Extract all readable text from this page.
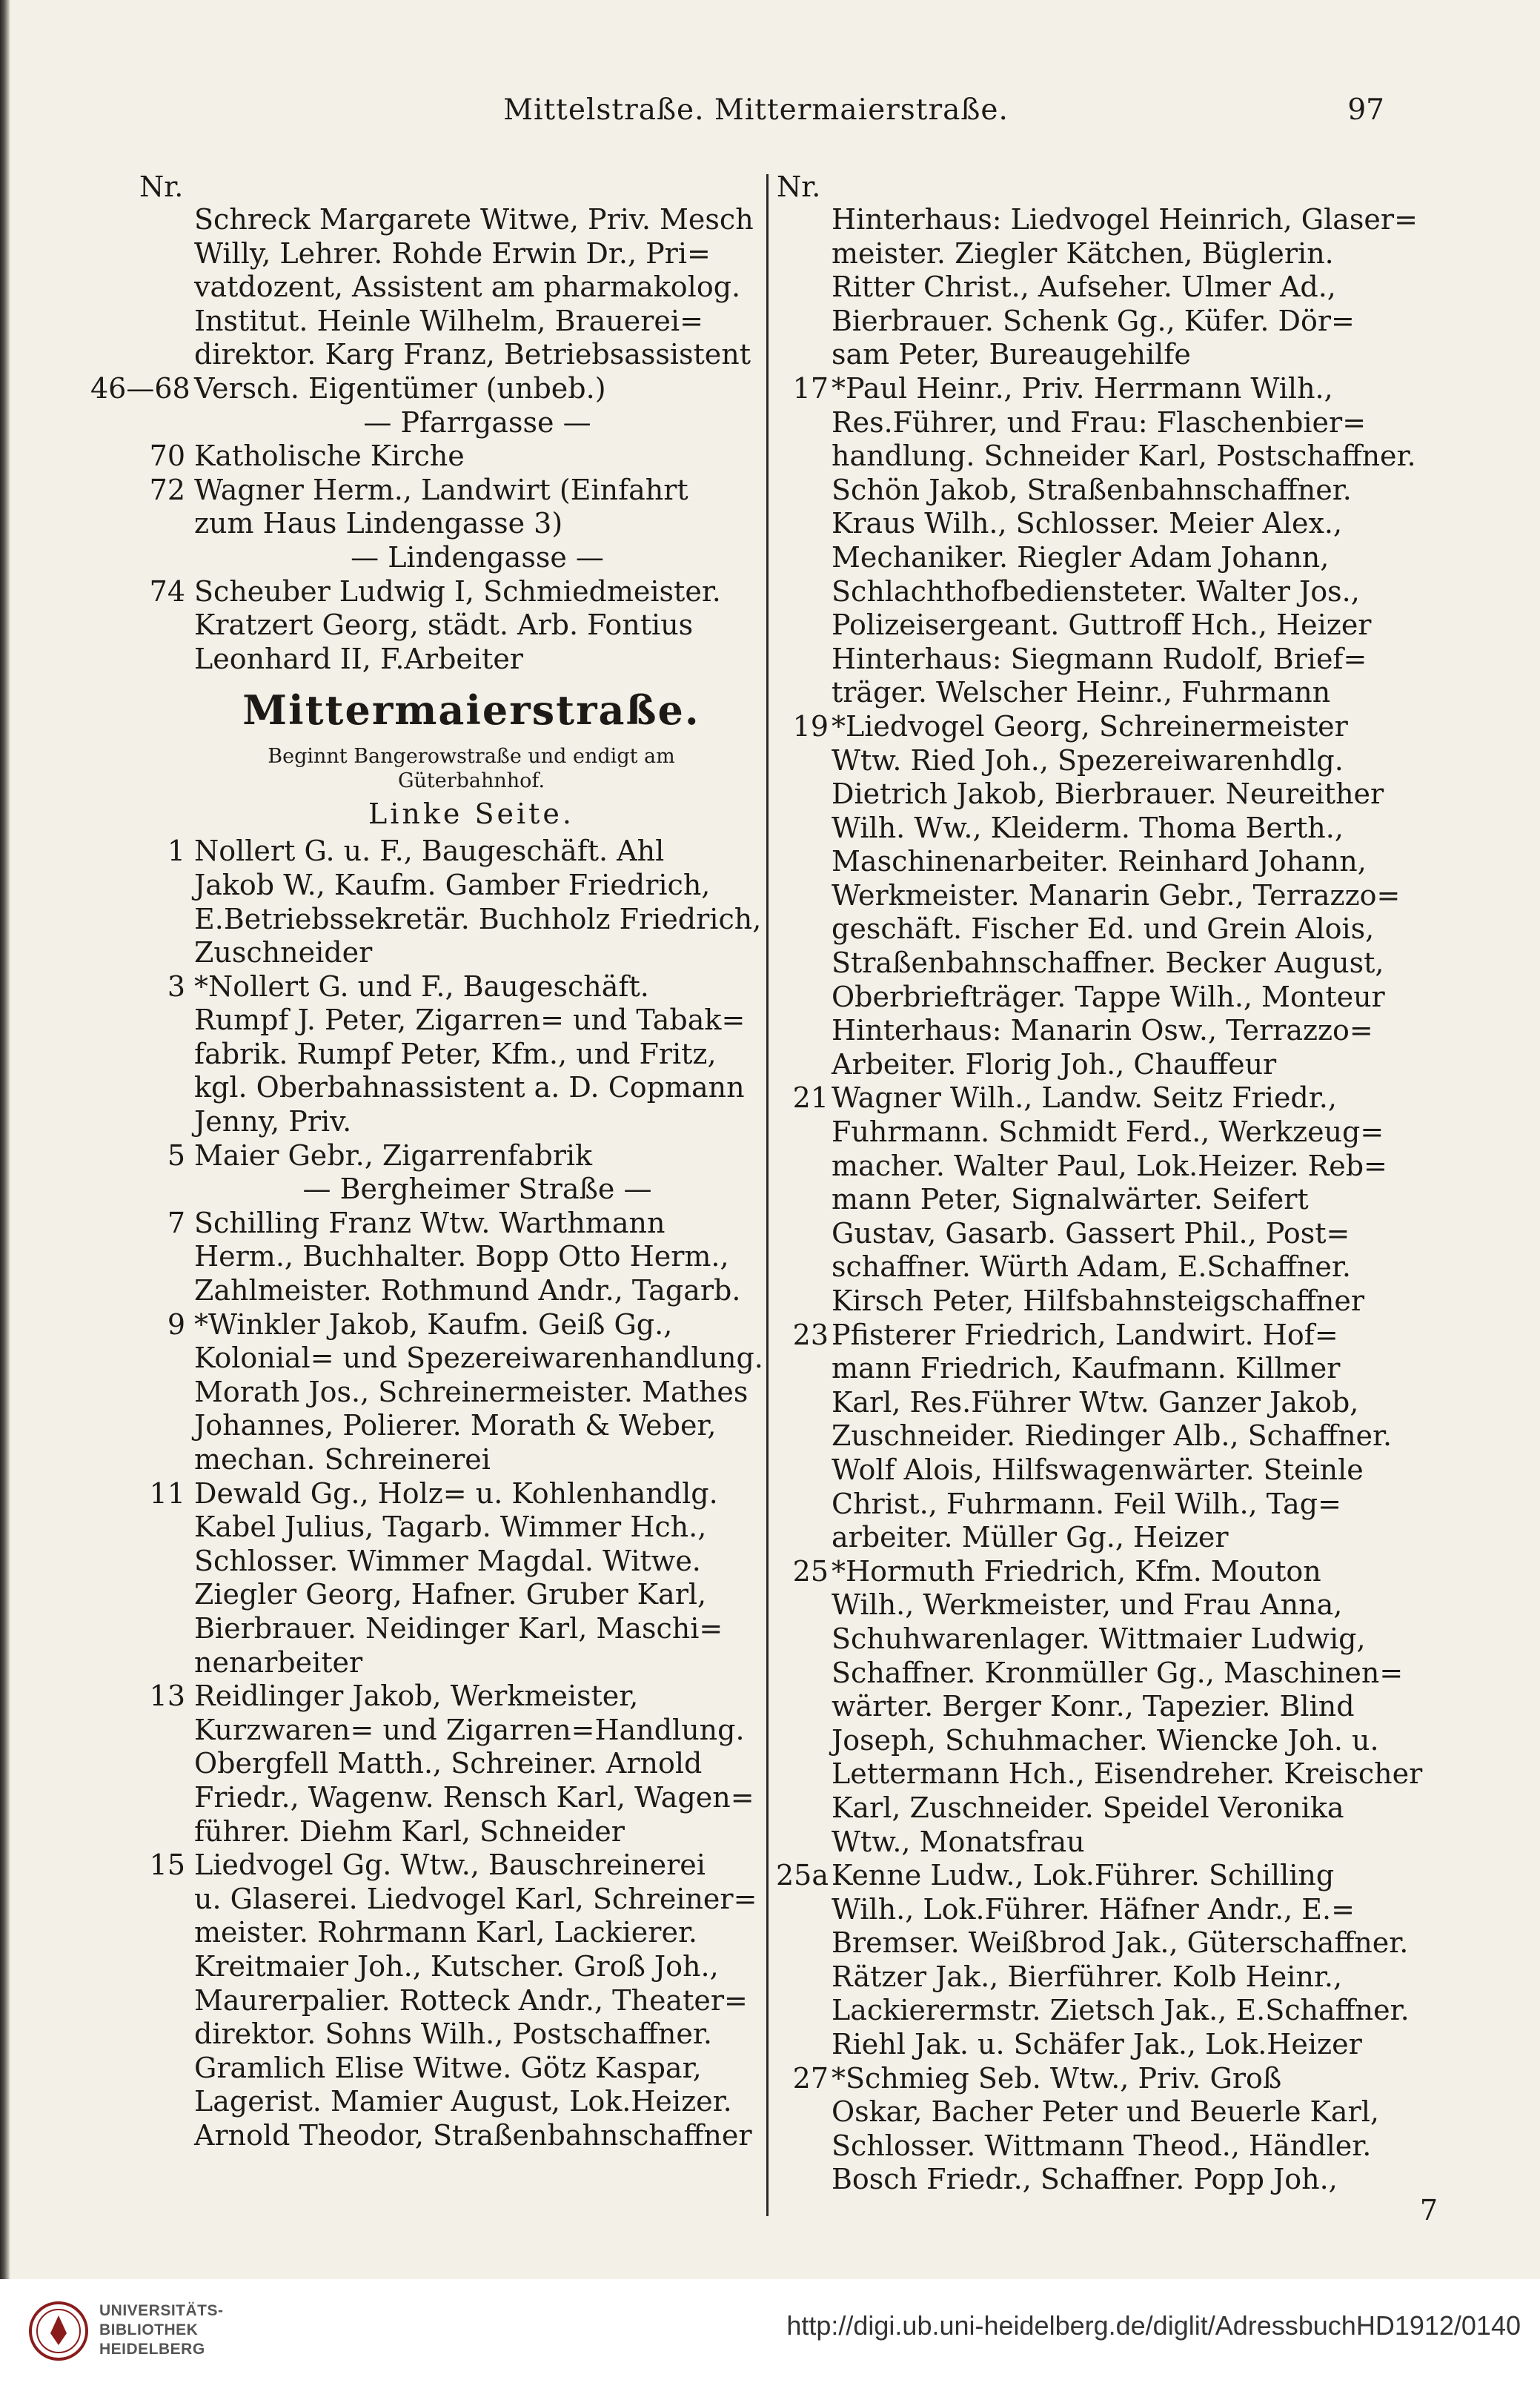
Mittelstraße. Mittermaierstraße.	97
Nr.
Schreck Margarete Witwe, Priv. Mesch
Willy, Lehrer. Rohde Erwin Dr., Pri=
vatdozent, Assistent am pharmakolog.
Institut. Heinle Wilhelm, Brauerei=
direktor. Karg Franz, Betriebsassistent
46—68 Versch. Eigentümer (unbeb.)
— Pfarrgasse —
70 Katholische Kirche
72 Wagner Herm., Landwirt (Einfahrt
zum Haus Lindengasse 3)
— Lindengasse —
74 Scheuber Ludwig I, Schmiedmeister.
Kratzert Georg, städt. Arb. Fontius
Leonhard II, F.Arbeiter
Mittermaierstraße.
Beginnt Bangerowstraße und endigt am
Güterbahnhof.
Linke Seite.
1 Nollert G. u. F., Baugeschäft. Ahl
Jakob W., Kaufm. Gamber Friedrich,
E.Betriebssekretär. Buchholz Friedrich,
Zuschneider
3 *Nollert G. und F., Baugeschäft.
Rumpf J. Peter, Zigarren= und Tabak=
fabrik. Rumpf Peter, Kfm., und Fritz,
kgl. Oberbahnassistent a. D. Copmann
Jenny, Priv.
5 Maier Gebr., Zigarrenfabrik
— Bergheimer Straße —
7 Schilling Franz Wtw. Warthmann
Herm., Buchhalter. Bopp Otto Herm.,
Zahlmeister. Rothmund Andr., Tagarb.
9 *Winkler Jakob, Kaufm. Geiß Gg.,
Kolonial= und Spezereiwarenhandlung.
Morath Jos., Schreinermeister. Mathes
Johannes, Polierer. Morath & Weber,
mechan. Schreinerei
11 Dewald Gg., Holz= u. Kohlenhandlg.
Kabel Julius, Tagarb. Wimmer Hch.,
Schlosser. Wimmer Magdal. Witwe.
Ziegler Georg, Hafner. Gruber Karl,
Bierbrauer. Neidinger Karl, Maschi=
nenarbeiter
13 Reidlinger Jakob, Werkmeister,
Kurzwaren= und Zigarren=Handlung.
Obergfell Matth., Schreiner. Arnold
Friedr., Wagenw. Rensch Karl, Wagen=
führer. Diehm Karl, Schneider
15 Liedvogel Gg. Wtw., Bauschreinerei
u. Glaserei. Liedvogel Karl, Schreiner=
meister. Rohrmann Karl, Lackierer.
Kreitmaier Joh., Kutscher. Groß Joh.,
Maurerpalier. Rotteck Andr., Theater=
direktor. Sohns Wilh., Postschaffner.
Gramlich Elise Witwe. Götz Kaspar,
Lagerist. Mamier August, Lok.Heizer.
Arnold Theodor, Straßenbahnschaffner
Nr.
Hinterhaus: Liedvogel Heinrich, Glaser=
meister. Ziegler Kätchen, Büglerin.
Ritter Christ., Aufseher. Ulmer Ad.,
Bierbrauer. Schenk Gg., Küfer. Dör=
sam Peter, Bureaugehilfe
17 *Paul Heinr., Priv. Herrmann Wilh.,
Res.Führer, und Frau: Flaschenbier=
handlung. Schneider Karl, Postschaffner.
Schön Jakob, Straßenbahnschaffner.
Kraus Wilh., Schlosser. Meier Alex.,
Mechaniker. Riegler Adam Johann,
Schlachthofbediensteter. Walter Jos.,
Polizeisergeant. Guttroff Hch., Heizer
Hinterhaus: Siegmann Rudolf, Brief=
träger. Welscher Heinr., Fuhrmann
19 *Liedvogel Georg, Schreinermeister
Wtw. Ried Joh., Spezereiwarenhdlg.
Dietrich Jakob, Bierbrauer. Neureither
Wilh. Ww., Kleiderm. Thoma Berth.,
Maschinenarbeiter. Reinhard Johann,
Werkmeister. Manarin Gebr., Terrazzo=
geschäft. Fischer Ed. und Grein Alois,
Straßenbahnschaffner. Becker August,
Oberbriefträger. Tappe Wilh., Monteur
Hinterhaus: Manarin Osw., Terrazzo=
Arbeiter. Florig Joh., Chauffeur
21 Wagner Wilh., Landw. Seitz Friedr.,
Fuhrmann. Schmidt Ferd., Werkzeug=
macher. Walter Paul, Lok.Heizer. Reb=
mann Peter, Signalwärter. Seifert
Gustav, Gasarb. Gassert Phil., Post=
schaffner. Würth Adam, E.Schaffner.
Kirsch Peter, Hilfsbahnsteigschaffner
23 Pfisterer Friedrich, Landwirt. Hof=
mann Friedrich, Kaufmann. Killmer
Karl, Res.Führer Wtw. Ganzer Jakob,
Zuschneider. Riedinger Alb., Schaffner.
Wolf Alois, Hilfswagenwärter. Steinle
Christ., Fuhrmann. Feil Wilh., Tag=
arbeiter. Müller Gg., Heizer
25 *Hormuth Friedrich, Kfm. Mouton
Wilh., Werkmeister, und Frau Anna,
Schuhwarenlager. Wittmaier Ludwig,
Schaffner. Kronmüller Gg., Maschinen=
wärter. Berger Konr., Tapezier. Blind
Joseph, Schuhmacher. Wiencke Joh. u.
Lettermann Hch., Eisendreher. Kreischer
Karl, Zuschneider. Speidel Veronika
Wtw., Monatsfrau
25a Kenne Ludw., Lok.Führer. Schilling
Wilh., Lok.Führer. Häfner Andr., E.=
Bremser. Weißbrod Jak., Güterschaffner.
Rätzer Jak., Bierführer. Kolb Heinr.,
Lackierermstr. Zietsch Jak., E.Schaffner.
Riehl Jak. u. Schäfer Jak., Lok.Heizer
27 *Schmieg Seb. Wtw., Priv. Groß
Oskar, Bacher Peter und Beuerle Karl,
Schlosser. Wittmann Theod., Händler.
Bosch Friedr., Schaffner. Popp Joh.,
7
UNIVERSITÄTS-
BIBLIOTHEK
HEIDELBERG
http://digi.ub.uni-heidelberg.de/diglit/AdressbuchHD1912/0140
